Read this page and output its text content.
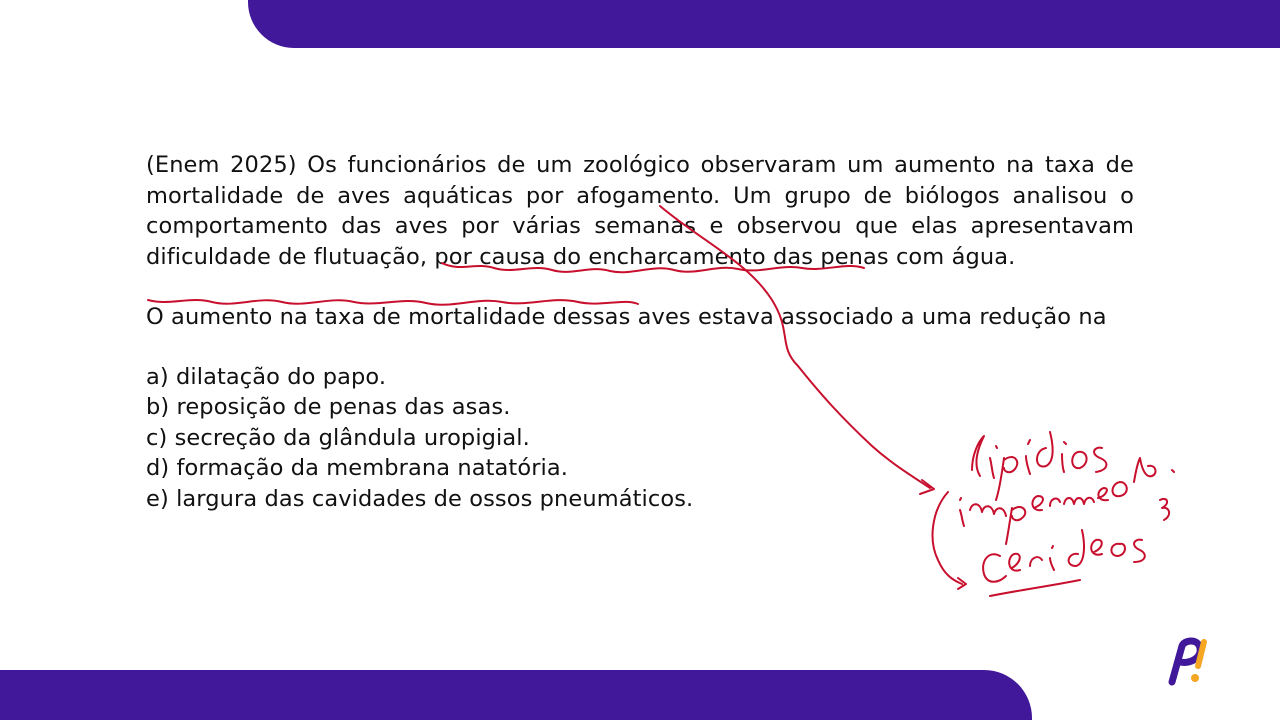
(Enem 2025) Os funcionários de um zoológico observaram um aumento na taxa de mortalidade de aves aquáticas por afogamento. Um grupo de biólogos analisou o comportamento das aves por várias semanas e observou que elas apresentavam dificuldade de flutuação, por causa do encharcamento das penas com água.

O aumento na taxa de mortalidade dessas aves estava associado a uma redução na

a) dilatação do papo.
b) reposição de penas das asas.
c) secreção da glândula uropigial.
d) formação da membrana natatória.
e) largura das cavidades de ossos pneumáticos.
